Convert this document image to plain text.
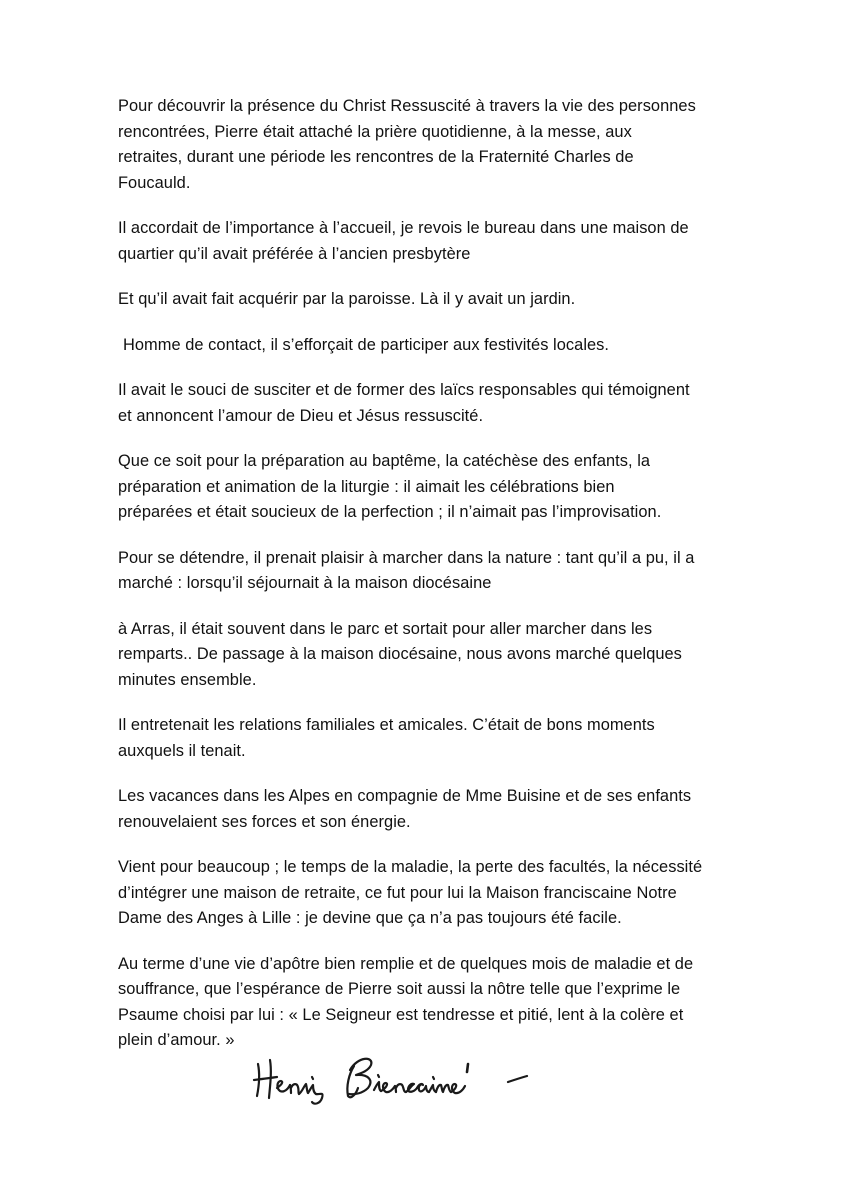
Pour découvrir la présence du Christ Ressuscité à travers la vie des personnes
rencontrées, Pierre était attaché la prière quotidienne, à la messe, aux
retraites, durant une période les rencontres de la Fraternité Charles de
Foucauld.

Il accordait de l’importance à l’accueil, je revois le bureau dans une maison de
quartier qu’il avait préférée à l’ancien presbytère

Et qu’il avait fait acquérir par la paroisse. Là il y avait un jardin.

Homme de contact, il s’efforçait de participer aux festivités locales.

Il avait le souci de susciter et de former des laïcs responsables qui témoignent
et annoncent l’amour de Dieu et Jésus ressuscité.

Que ce soit pour la préparation au baptême, la catéchèse des enfants, la
préparation et animation de la liturgie : il aimait les célébrations bien
préparées et était soucieux de la perfection ; il n’aimait pas l’improvisation.

Pour se détendre, il prenait plaisir à marcher dans la nature : tant qu’il a pu, il a
marché : lorsqu’il séjournait à la maison diocésaine

à Arras, il était souvent dans le parc et sortait pour aller marcher dans les
remparts.. De passage à la maison diocésaine, nous avons marché quelques
minutes ensemble.

Il entretenait les relations familiales et amicales. C’était de bons moments
auxquels il tenait.

Les vacances dans les Alpes en compagnie de Mme Buisine et de ses enfants
renouvelaient ses forces et son énergie.

Vient pour beaucoup ; le temps de la maladie, la perte des facultés, la nécessité
d’intégrer une maison de retraite, ce fut pour lui la Maison franciscaine Notre
Dame des Anges à Lille : je devine que ça n’a pas toujours été facile.

Au terme d’une vie d’apôtre bien remplie et de quelques mois de maladie et de
souffrance, que l’espérance de Pierre soit aussi la nôtre telle que l’exprime le
Psaume choisi par lui : « Le Seigneur est tendresse et pitié, lent à la colère et
plein d’amour. »
